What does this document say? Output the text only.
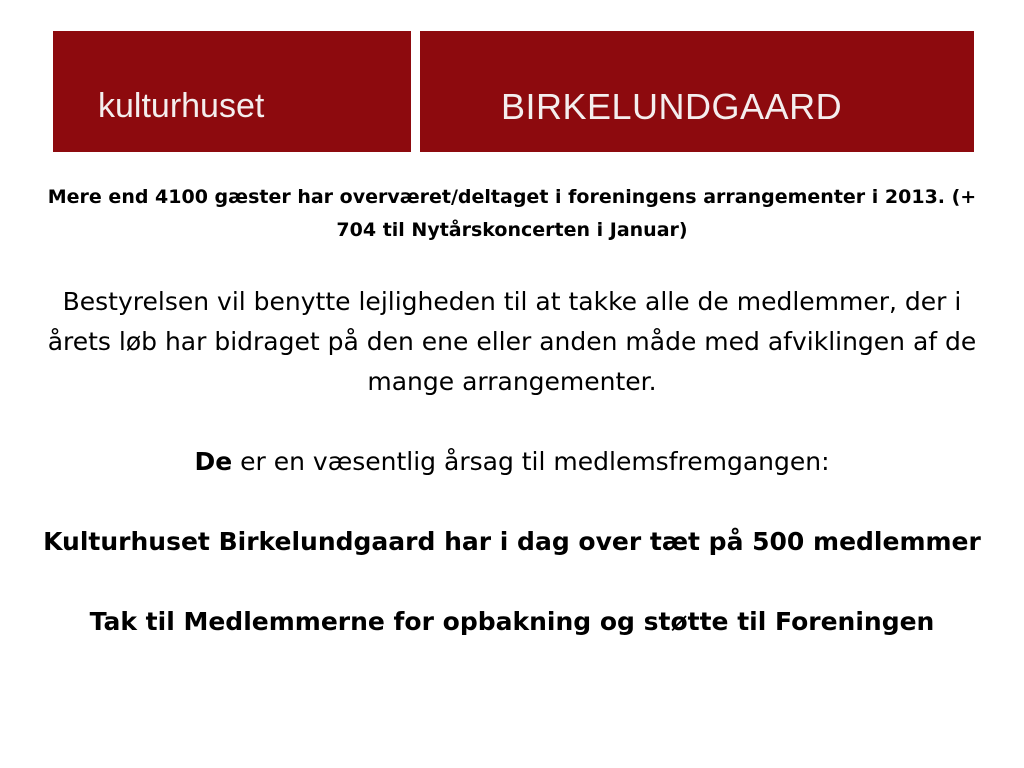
kulturhuset	BIRKELUNDGAARD
Mere end 4100 gæster har overværet/deltaget i foreningens arrangementer i 2013. (+ 704 til Nytårskoncerten i Januar)

Bestyrelsen vil benytte lejligheden til at takke alle de medlemmer, der i årets løb har bidraget på den ene eller anden måde med afviklingen af de mange arrangementer.

De er en væsentlig årsag til medlemsfremgangen:

Kulturhuset Birkelundgaard har i dag over tæt på 500 medlemmer

Tak til Medlemmerne for opbakning og støtte til Foreningen
